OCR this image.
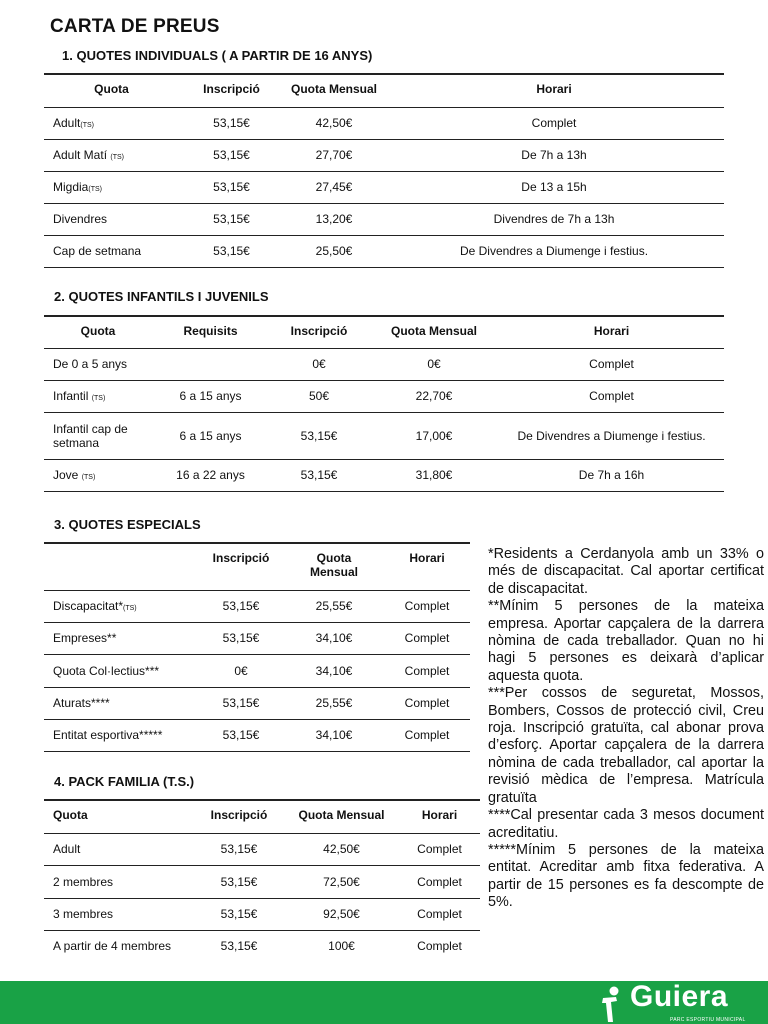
CARTA DE PREUS
1. QUOTES INDIVIDUALS ( A PARTIR DE 16 ANYS)
Quota	Inscripció	Quota Mensual	Horari
Adult(TS)	53,15€	42,50€	Complet
Adult Matí (TS)	53,15€	27,70€	De 7h a 13h
Migdia(TS)	53,15€	27,45€	De 13 a 15h
Divendres	53,15€	13,20€	Divendres de 7h a 13h
Cap de setmana	53,15€	25,50€	De Divendres a Diumenge i festius.
2. QUOTES INFANTILS I JUVENILS
Quota	Requisits	Inscripció	Quota Mensual	Horari
De 0 a 5 anys		0€	0€	Complet
Infantil (TS)	6 a 15 anys	50€	22,70€	Complet
Infantil cap de setmana	6 a 15 anys	53,15€	17,00€	De Divendres a Diumenge i festius.
Jove (TS)	16 a 22 anys	53,15€	31,80€	De 7h a 16h
3. QUOTES ESPECIALS
	Inscripció	Quota Mensual	Horari
Discapacitat*(TS)	53,15€	25,55€	Complet
Empreses**	53,15€	34,10€	Complet
Quota Col·lectius***	0€	34,10€	Complet
Aturats****	53,15€	25,55€	Complet
Entitat esportiva*****	53,15€	34,10€	Complet
4. PACK FAMILIA (T.S.)
Quota	Inscripció	Quota Mensual	Horari
Adult	53,15€	42,50€	Complet
2 membres	53,15€	72,50€	Complet
3 membres	53,15€	92,50€	Complet
A partir de 4 membres	53,15€	100€	Complet

*Residents a Cerdanyola amb un 33% o més de discapacitat. Cal aportar certificat de discapacitat.

**Mínim 5 persones de la mateixa empresa. Aportar capçalera de la darrera nòmina de cada treballador. Quan no hi hagi 5 persones es deixarà d’aplicar aquesta quota.

***Per cossos de seguretat, Mossos, Bombers, Cossos de protecció civil, Creu roja. Inscripció gratuïta, cal abonar prova d’esforç. Aportar capçalera de la darrera nòmina de cada treballador, cal aportar la revisió mèdica de l’empresa. Matrícula gratuïta

****Cal presentar cada 3 mesos document acreditatiu.

*****Mínim 5 persones de la mateixa entitat. Acreditar amb fitxa federativa. A partir de 15 persones es fa descompte de 5%.

Guiera
PARC ESPORTIU MUNICIPAL
